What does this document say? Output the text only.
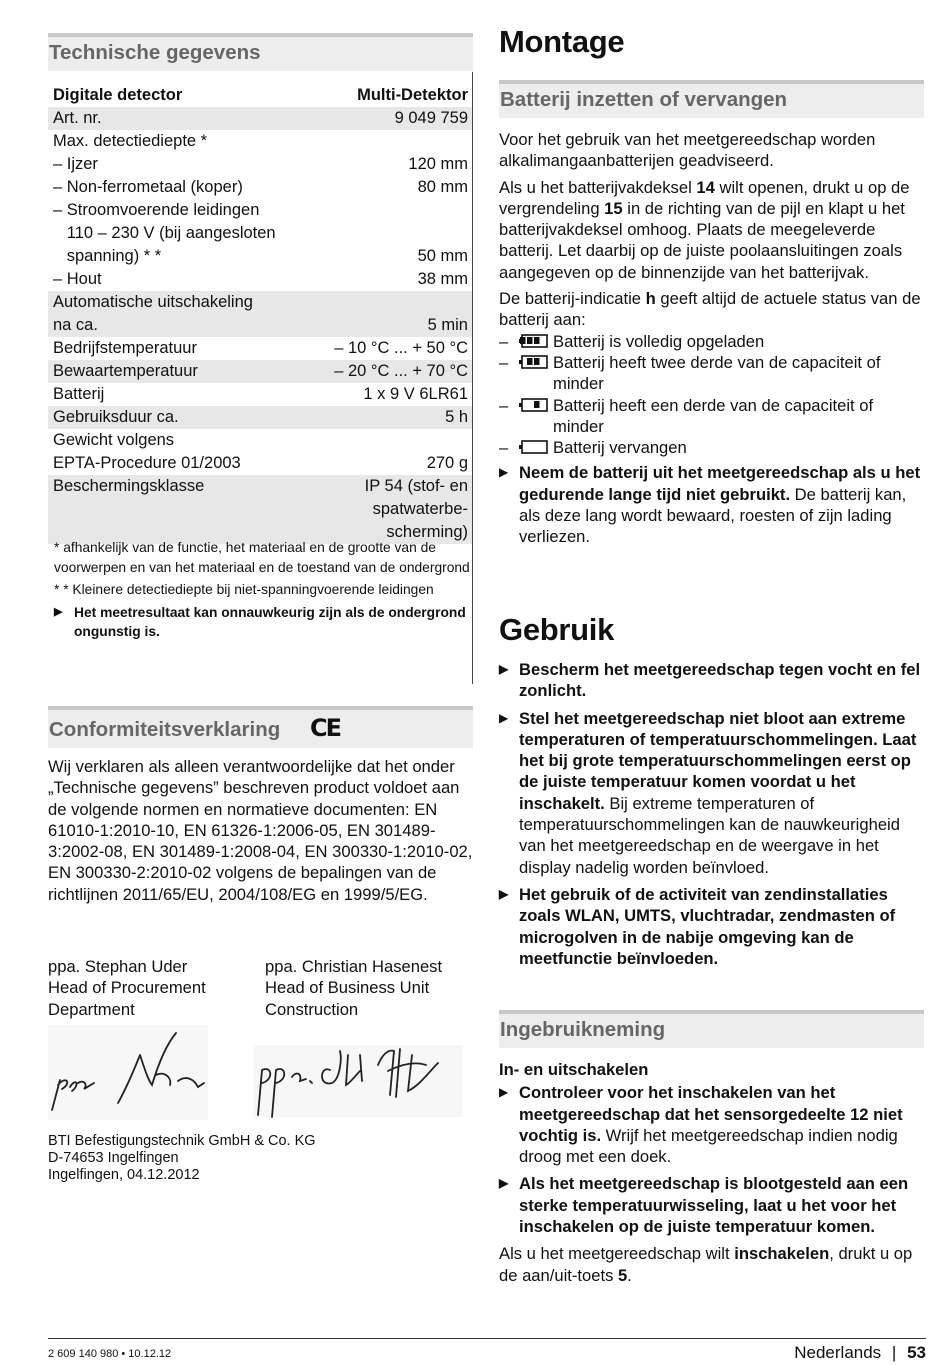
Technische gegevens
Digitale detector	Multi-Detektor
Art. nr.	9 049 759
Max. detectiediepte *	
– Ijzer	120 mm
– Non-ferrometaal (koper)	80 mm
– Stroomvoerende leidingen	
110 – 230 V (bij aangesloten	
spanning) * *	50 mm
– Hout	38 mm
Automatische uitschakeling	
na ca.	5 min
Bedrijfstemperatuur	– 10 °C ... + 50 °C
Bewaartemperatuur	– 20 °C ... + 70 °C
Batterij	1 x 9 V 6LR61
Gebruiksduur ca.	5 h
Gewicht volgens	
EPTA-Procedure 01/2003	270 g
Beschermingsklasse	IP 54 (stof- en
	spatwaterbe-
	scherming)

* afhankelijk van de functie, het materiaal en de grootte van de voorwerpen en van het materiaal en de toestand van de ondergrond

* * Kleinere detectiediepte bij niet-spanningvoerende leidingen

▶ Het meetresultaat kan onnauwkeurig zijn als de ondergrond ongunstig is.
Conformiteitsverklaring CE
Wij verklaren als alleen verantwoordelijke dat het onder „Technische gegevens” beschreven product voldoet aan de volgende normen en normatieve documenten: EN 61010-1:2010-10, EN 61326-1:2006-05, EN 301489-3:2002-08, EN 301489-1:2008-04, EN 300330-1:2010-02, EN 300330-2:2010-02 volgens de bepalingen van de richtlijnen 2011/65/EU, 2004/108/EG en 1999/5/EG.
ppa. Stephan Uder
Head of Procurement
Department
ppa. Christian Hasenest
Head of Business Unit
Construction
BTI Befestigungstechnik GmbH & Co. KG
D-74653 Ingelfingen
Ingelfingen, 04.12.2012
Montage
Batterij inzetten of vervangen

Voor het gebruik van het meetgereedschap worden alkalimangaanbatterijen geadviseerd.

Als u het batterijvakdeksel 14 wilt openen, drukt u op de vergrendeling 15 in de richting van de pijl en klapt u het batterijvakdeksel omhoog. Plaats de meegeleverde batterij. Let daarbij op de juiste poolaansluitingen zoals aangegeven op de binnenzijde van het batterijvak.

De batterij-indicatie h geeft altijd de actuele status van de batterij aan:

–	Batterij is volledig opgeladen
–	Batterij heeft twee derde van de capaciteit of minder
–	Batterij heeft een derde van de capaciteit of minder
–	Batterij vervangen
▶ Neem de batterij uit het meetgereedschap als u het gedurende lange tijd niet gebruikt. De batterij kan, als deze lang wordt bewaard, roesten of zijn lading verliezen.
Gebruik
▶ Bescherm het meetgereedschap tegen vocht en fel zonlicht.
▶ Stel het meetgereedschap niet bloot aan extreme temperaturen of temperatuurschommelingen. Laat het bij grote temperatuurschommelingen eerst op de juiste temperatuur komen voordat u het inschakelt. Bij extreme temperaturen of temperatuurschommelingen kan de nauwkeurigheid van het meetgereedschap en de weergave in het display nadelig worden beïnvloed.
▶ Het gebruik of de activiteit van zendinstallaties zoals WLAN, UMTS, vluchtradar, zendmasten of microgolven in de nabije omgeving kan de meetfunctie beïnvloeden.
Ingebruikneming

In- en uitschakelen

▶ Controleer voor het inschakelen van het meetgereedschap dat het sensorgedeelte 12 niet vochtig is. Wrijf het meetgereedschap indien nodig droog met een doek.
▶ Als het meetgereedschap is blootgesteld aan een sterke temperatuurwisseling, laat u het voor het inschakelen op de juiste temperatuur komen.

Als u het meetgereedschap wilt inschakelen, drukt u op de aan/uit-toets 5.

2 609 140 980 • 10.12.12	Nederlands | 53
